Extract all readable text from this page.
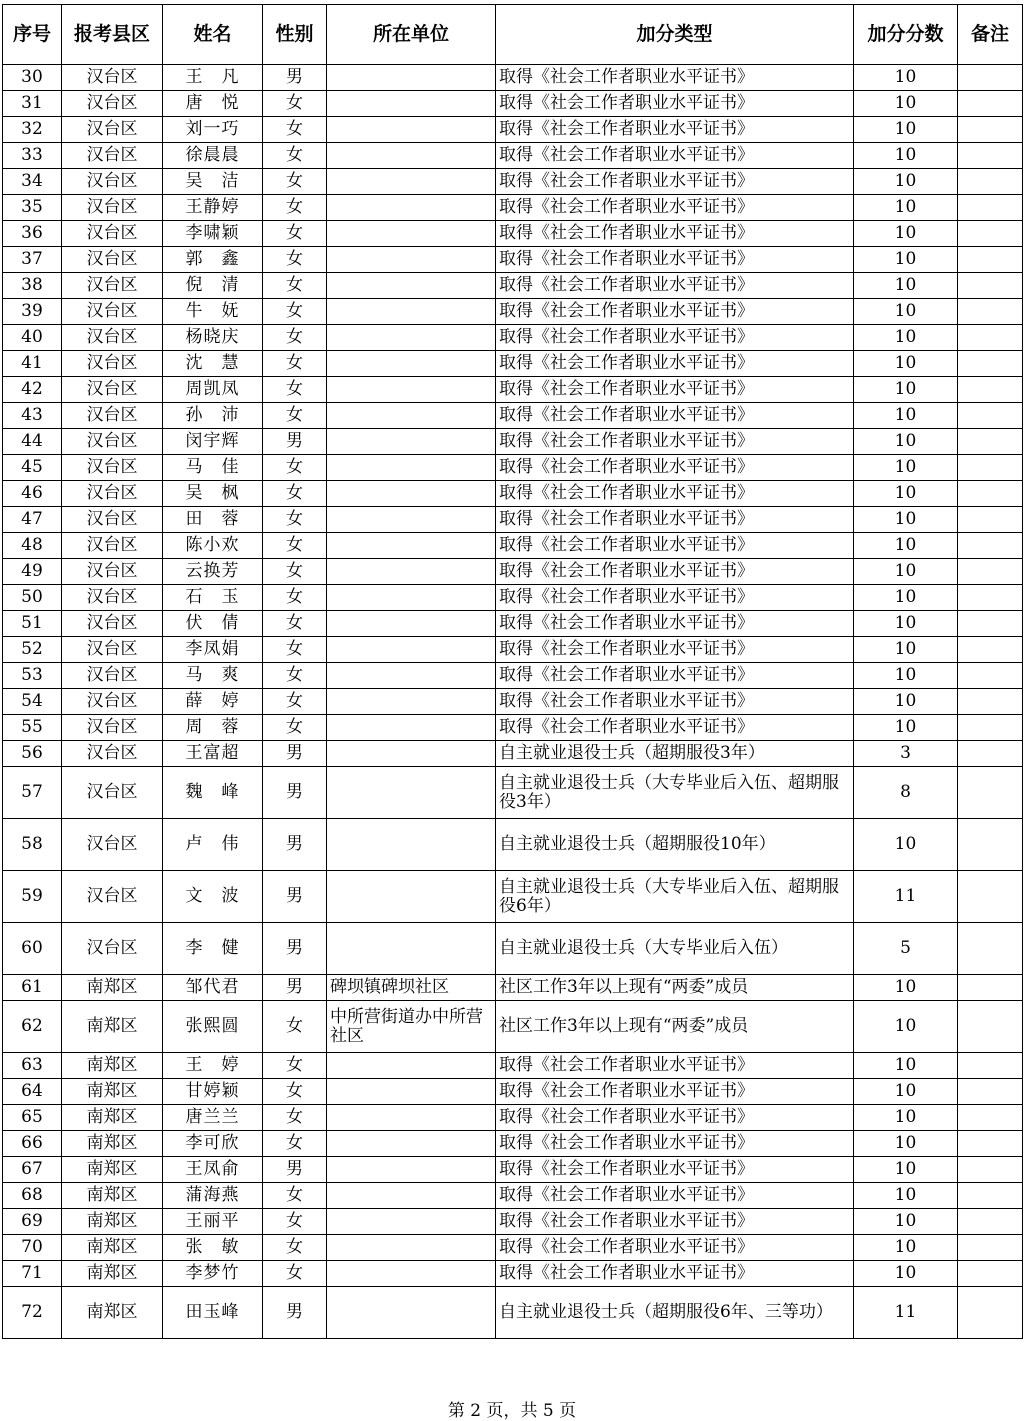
序号	报考县区	姓名	性别	所在单位	加分类型	加分分数	备注
30	汉台区	王　凡	男		取得《社会工作者职业水平证书》	10	
31	汉台区	唐　悦	女		取得《社会工作者职业水平证书》	10	
32	汉台区	刘一巧	女		取得《社会工作者职业水平证书》	10	
33	汉台区	徐晨晨	女		取得《社会工作者职业水平证书》	10	
34	汉台区	吴　洁	女		取得《社会工作者职业水平证书》	10	
35	汉台区	王静婷	女		取得《社会工作者职业水平证书》	10	
36	汉台区	李啸颖	女		取得《社会工作者职业水平证书》	10	
37	汉台区	郭　鑫	女		取得《社会工作者职业水平证书》	10	
38	汉台区	倪　清	女		取得《社会工作者职业水平证书》	10	
39	汉台区	牛　妩	女		取得《社会工作者职业水平证书》	10	
40	汉台区	杨晓庆	女		取得《社会工作者职业水平证书》	10	
41	汉台区	沈　慧	女		取得《社会工作者职业水平证书》	10	
42	汉台区	周凯凤	女		取得《社会工作者职业水平证书》	10	
43	汉台区	孙　沛	女		取得《社会工作者职业水平证书》	10	
44	汉台区	闵宇辉	男		取得《社会工作者职业水平证书》	10	
45	汉台区	马　佳	女		取得《社会工作者职业水平证书》	10	
46	汉台区	吴　枫	女		取得《社会工作者职业水平证书》	10	
47	汉台区	田　蓉	女		取得《社会工作者职业水平证书》	10	
48	汉台区	陈小欢	女		取得《社会工作者职业水平证书》	10	
49	汉台区	云换芳	女		取得《社会工作者职业水平证书》	10	
50	汉台区	石　玉	女		取得《社会工作者职业水平证书》	10	
51	汉台区	伏　倩	女		取得《社会工作者职业水平证书》	10	
52	汉台区	李凤娟	女		取得《社会工作者职业水平证书》	10	
53	汉台区	马　爽	女		取得《社会工作者职业水平证书》	10	
54	汉台区	薛　婷	女		取得《社会工作者职业水平证书》	10	
55	汉台区	周　蓉	女		取得《社会工作者职业水平证书》	10	
56	汉台区	王富超	男		自主就业退役士兵（超期服役3年）	3	
57	汉台区	魏　峰	男		自主就业退役士兵（大专毕业后入伍、超期服役3年）	8	
58	汉台区	卢　伟	男		自主就业退役士兵（超期服役10年）	10	
59	汉台区	文　波	男		自主就业退役士兵（大专毕业后入伍、超期服役6年）	11	
60	汉台区	李　健	男		自主就业退役士兵（大专毕业后入伍）	5	
61	南郑区	邹代君	男	碑坝镇碑坝社区	社区工作3年以上现有“两委”成员	10	
62	南郑区	张熙圆	女	中所营街道办中所营社区	社区工作3年以上现有“两委”成员	10	
63	南郑区	王　婷	女		取得《社会工作者职业水平证书》	10	
64	南郑区	甘婷颖	女		取得《社会工作者职业水平证书》	10	
65	南郑区	唐兰兰	女		取得《社会工作者职业水平证书》	10	
66	南郑区	李可欣	女		取得《社会工作者职业水平证书》	10	
67	南郑区	王凤俞	男		取得《社会工作者职业水平证书》	10	
68	南郑区	蒲海燕	女		取得《社会工作者职业水平证书》	10	
69	南郑区	王丽平	女		取得《社会工作者职业水平证书》	10	
70	南郑区	张　敏	女		取得《社会工作者职业水平证书》	10	
71	南郑区	李梦竹	女		取得《社会工作者职业水平证书》	10	
72	南郑区	田玉峰	男		自主就业退役士兵（超期服役6年、三等功）	11	
第 2 页，共 5 页
